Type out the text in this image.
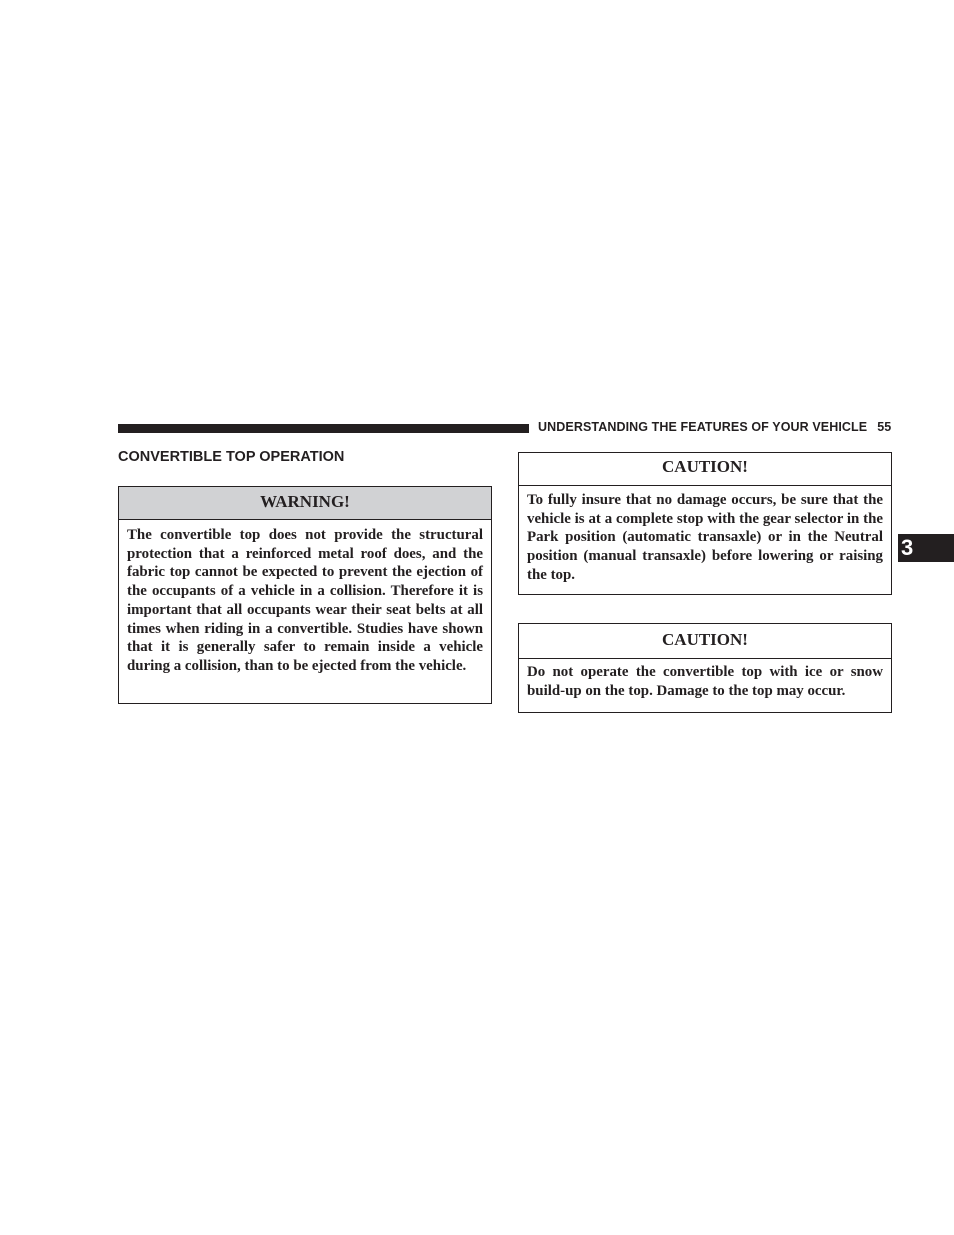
UNDERSTANDING THE FEATURES OF YOUR VEHICLE 55
CONVERTIBLE TOP OPERATION
WARNING!
The convertible top does not provide the structural protection that a reinforced metal roof does, and the fabric top cannot be expected to prevent the ejection of the occupants of a vehicle in a collision. Therefore it is important that all occupants wear their seat belts at all times when riding in a convertible. Studies have shown that it is generally safer to remain inside a vehicle during a collision, than to be ejected from the vehicle.
CAUTION!
To fully insure that no damage occurs, be sure that the vehicle is at a complete stop with the gear selector in the Park position (automatic transaxle) or in the Neutral position (manual transaxle) before lowering or raising the top.
CAUTION!
Do not operate the convertible top with ice or snow build-up on the top. Damage to the top may occur.
3
